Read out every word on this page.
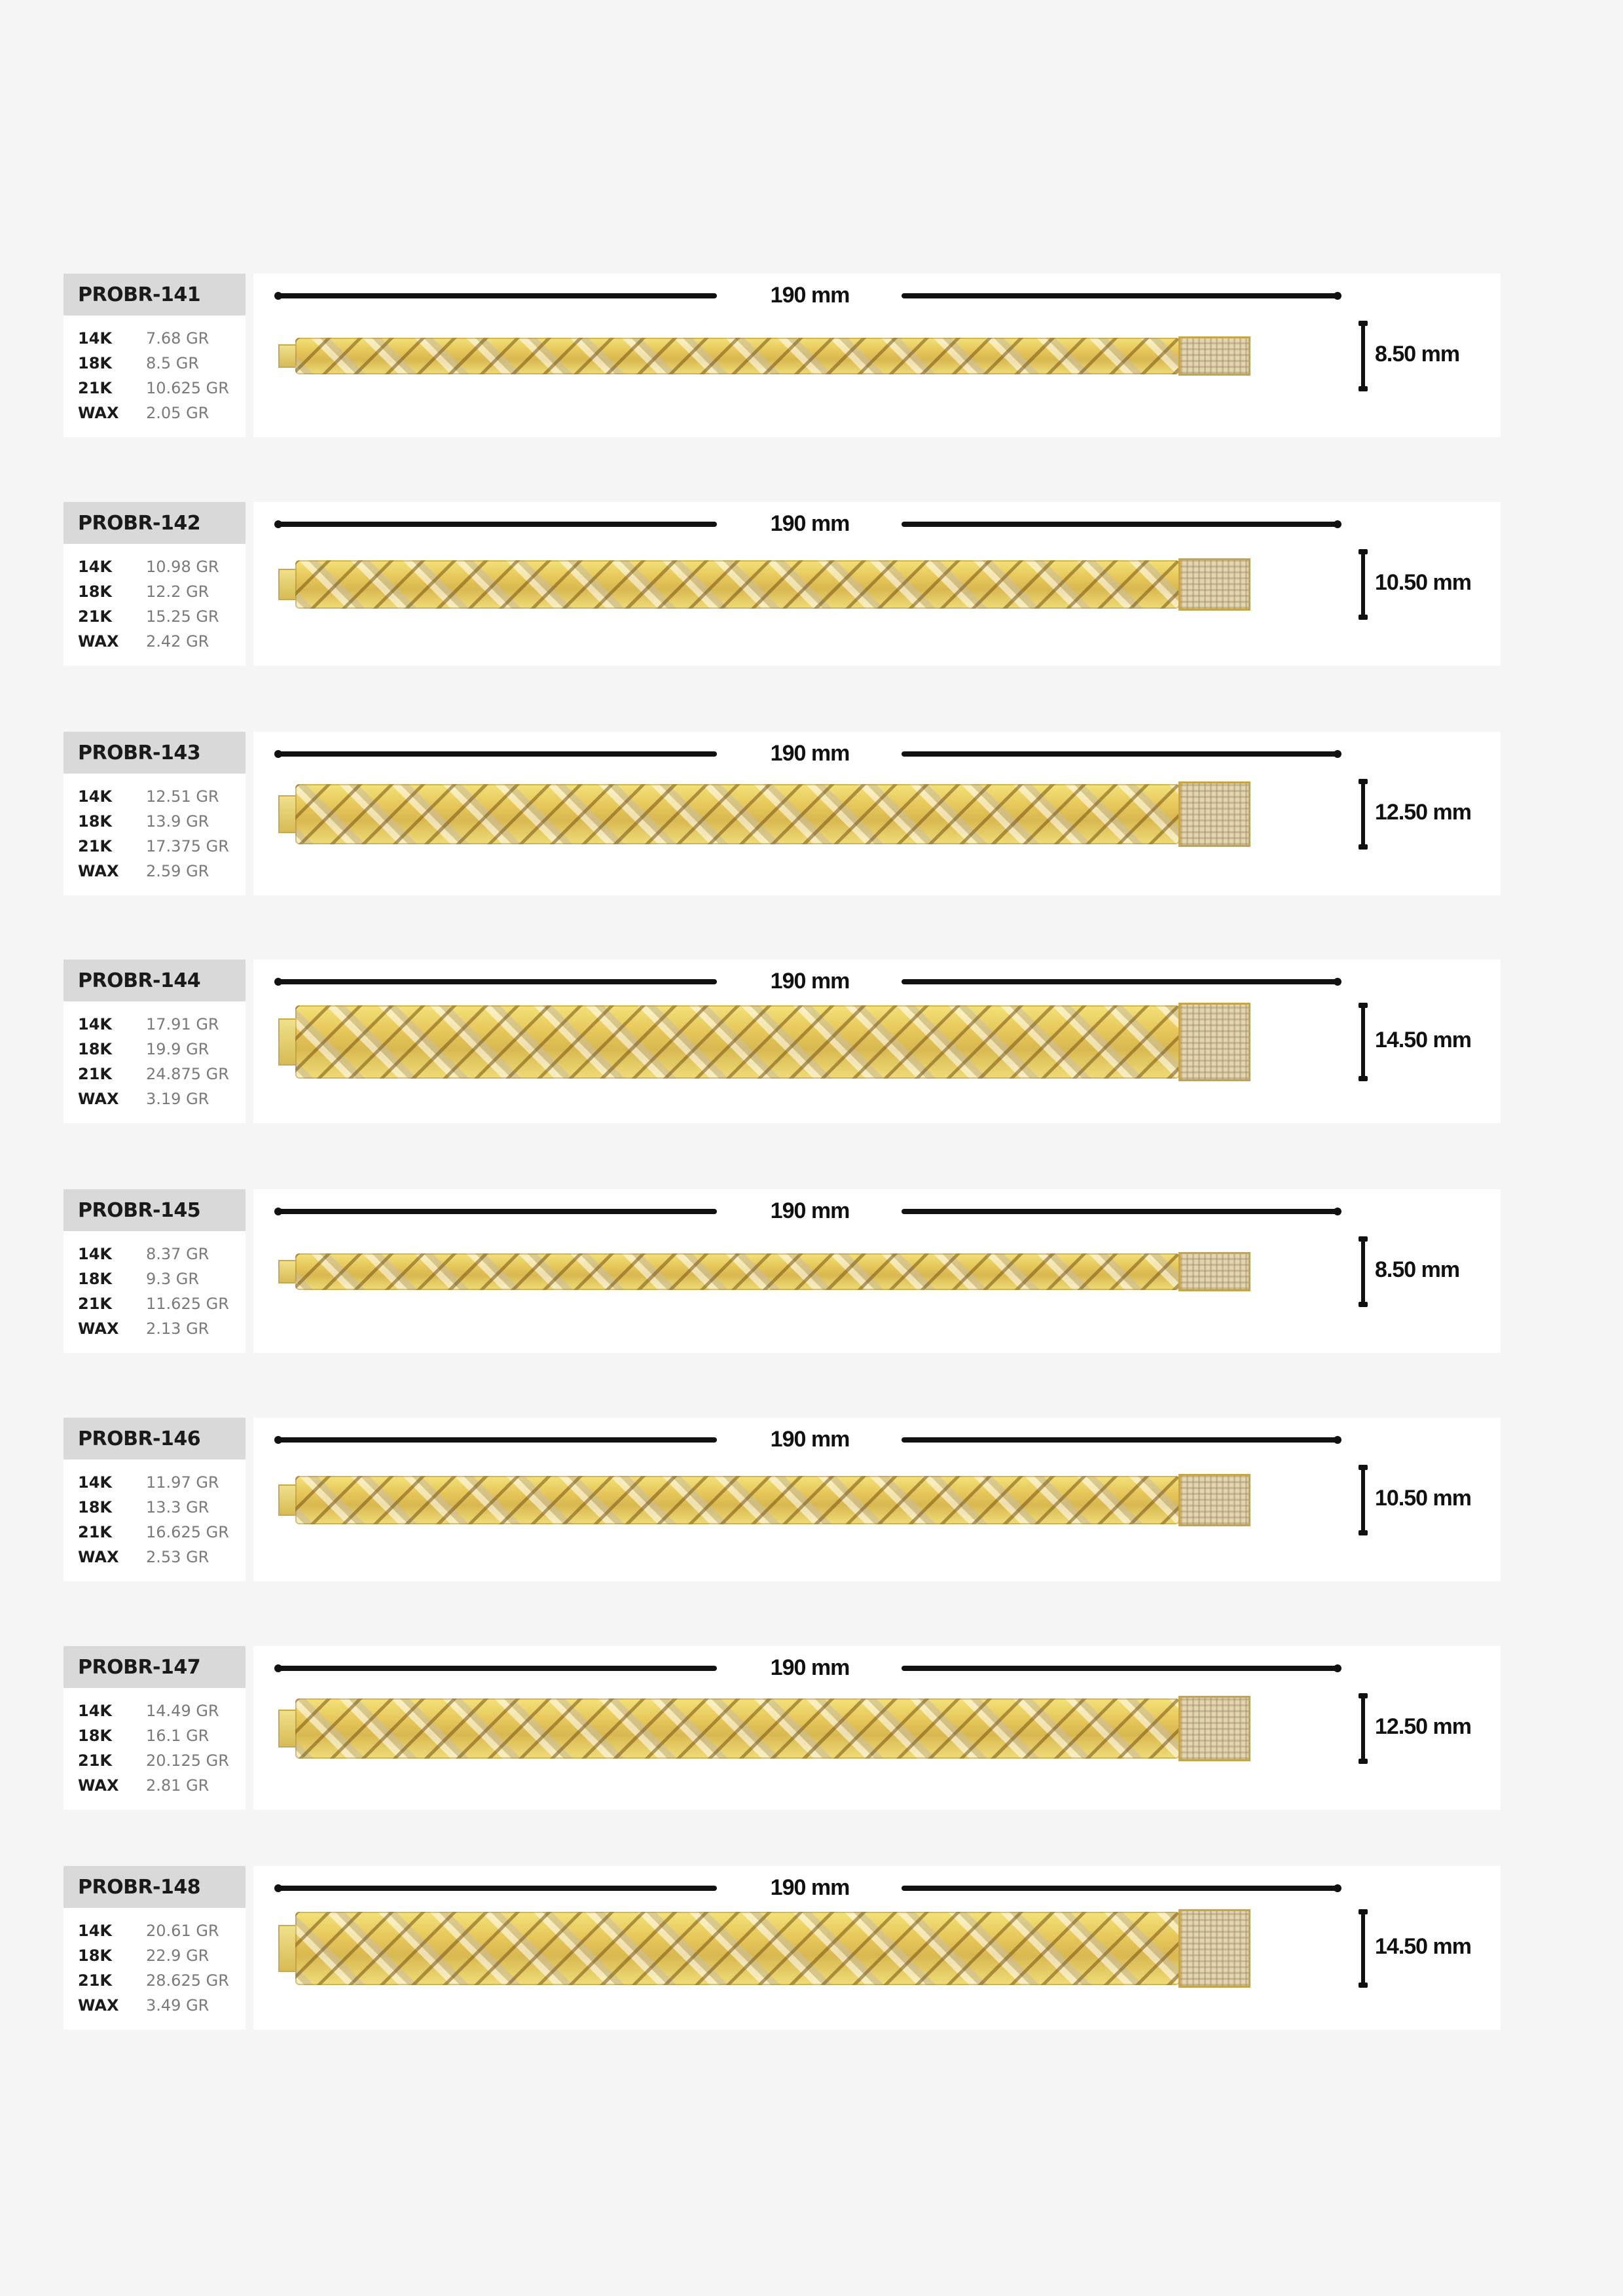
PROBR-141
14K	7.68 GR
18K	8.5 GR
21K	10.625 GR
WAX	2.05 GR
190 mm
8.50 mm
PROBR-142
14K	10.98 GR
18K	12.2 GR
21K	15.25 GR
WAX	2.42 GR
190 mm
10.50 mm
PROBR-143
14K	12.51 GR
18K	13.9 GR
21K	17.375 GR
WAX	2.59 GR
190 mm
12.50 mm
PROBR-144
14K	17.91 GR
18K	19.9 GR
21K	24.875 GR
WAX	3.19 GR
190 mm
14.50 mm
PROBR-145
14K	8.37 GR
18K	9.3 GR
21K	11.625 GR
WAX	2.13 GR
190 mm
8.50 mm
PROBR-146
14K	11.97 GR
18K	13.3 GR
21K	16.625 GR
WAX	2.53 GR
190 mm
10.50 mm
PROBR-147
14K	14.49 GR
18K	16.1 GR
21K	20.125 GR
WAX	2.81 GR
190 mm
12.50 mm
PROBR-148
14K	20.61 GR
18K	22.9 GR
21K	28.625 GR
WAX	3.49 GR
190 mm
14.50 mm
